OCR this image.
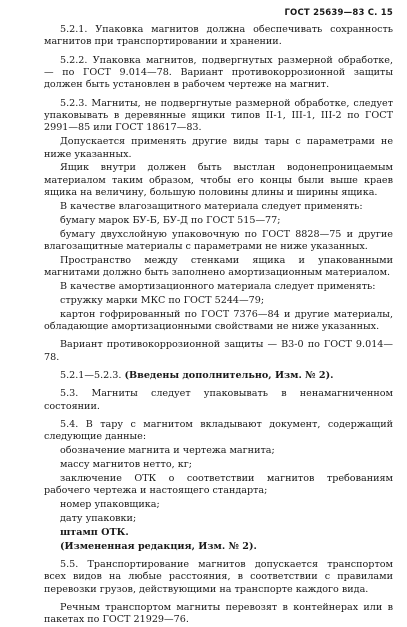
ГОСТ 25639—83 С. 15

5.2.1. Упаковка магнитов должна обеспечивать сохранность магнитов при транспортировании и хранении.

5.2.2. Упаковка магнитов, подвергнутых размерной обработке, — по ГОСТ 9.014—78. Вариант противокоррозионной защиты должен быть установлен в рабочем чертеже на магнит.

5.2.3. Магниты, не подвергнутые размерной обработке, следует упаковывать в деревянные ящики типов II-1, III-1, III-2 по ГОСТ 2991—85 или ГОСТ 18617—83.

Допускается применять другие виды тары с параметрами не ниже указанных.

Ящик внутри должен быть выстлан водонепроницаемым материалом таким образом, чтобы его концы были выше краев ящика на величину, большую половины длины и ширины ящика.

В качестве влагозащитного материала следует применять:

бумагу марок БУ-Б, БУ-Д по ГОСТ 515—77;

бумагу двухслойную упаковочную по ГОСТ 8828—75 и другие влагозащитные материалы с параметрами не ниже указанных.

Пространство между стенками ящика и упакованными магнитами должно быть заполнено амортизационным материалом.

В качестве амортизационного материала следует применять:

стружку марки МКС по ГОСТ 5244—79;

картон гофрированный по ГОСТ 7376—84 и другие материалы, обладающие амортизационными свойствами не ниже указанных.

Вариант противокоррозионной защиты — В3-0 по ГОСТ 9.014—78.

5.2.1—5.2.3. (Введены дополнительно, Изм. № 2).

5.3. Магниты следует упаковывать в ненамагниченном состоянии.

5.4. В тару с магнитом вкладывают документ, содержащий следующие данные:

обозначение магнита и чертежа магнита;

массу магнитов нетто, кг;

заключение ОТК о соответствии магнитов требованиям рабочего чертежа и настоящего стандарта;

номер упаковщика;

дату упаковки;

штамп ОТК.

(Измененная редакция, Изм. № 2).

5.5. Транспортирование магнитов допускается транспортом всех видов на любые расстояния, в соответствии с правилами перевозки грузов, действующими на транспорте каждого вида.

Речным транспортом магниты перевозят в контейнерах или в пакетах по ГОСТ 21929—76.
